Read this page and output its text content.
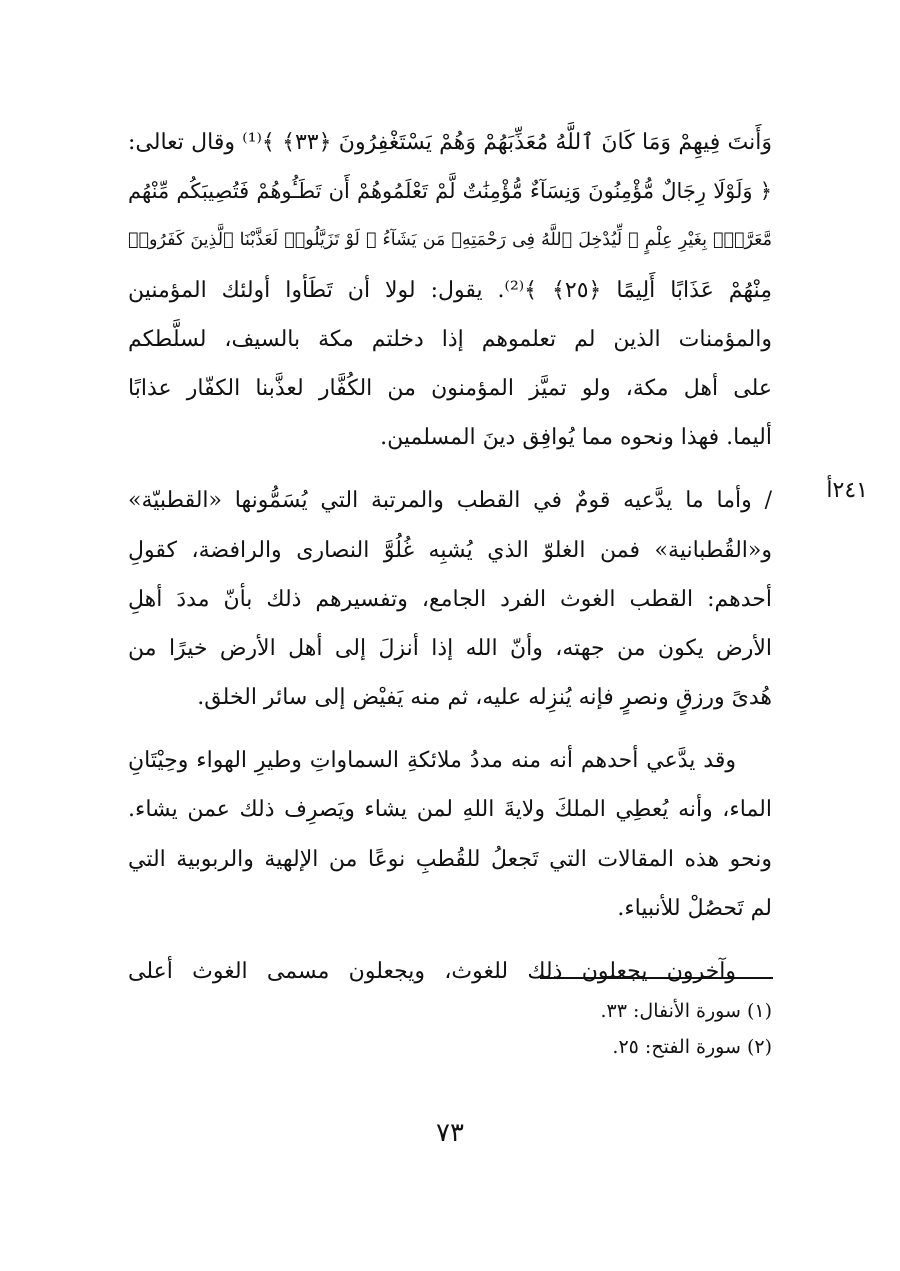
وَأَنتَ فِيهِمْ وَمَا كَانَ ٱللَّهُ مُعَذِّبَهُمْ وَهُمْ يَسْتَغْفِرُونَ ﴿٣٣﴾ ﴾⁽¹⁾ وقال تعالى:
﴿ وَلَوْلَا رِجَالٌ مُّؤْمِنُونَ وَنِسَآءٌ مُّؤْمِنَٰتٌ لَّمْ تَعْلَمُوهُمْ أَن تَطَـُٔوهُمْ فَتُصِيبَكُم مِّنْهُم
مَّعَرَّةٌۢ بِغَيْرِ عِلْمٍ ۖ لِّيُدْخِلَ ٱللَّهُ فِى رَحْمَتِهِۦ مَن يَشَآءُ ۚ لَوْ تَزَيَّلُوا۟ لَعَذَّبْنَا ٱلَّذِينَ كَفَرُوا۟
مِنْهُمْ عَذَابًا أَلِيمًا ﴿٢٥﴾ ﴾⁽²⁾. يقول: لولا أن تَطَأوا أولئك المؤمنين
والمؤمنات الذين لم تعلموهم إذا دخلتم مكة بالسيف، لسلَّطكم
على أهل مكة، ولو تميَّز المؤمنون من الكُفَّار لعذَّبنا الكفّار عذابًا
أليما. فهذا ونحوه مما يُوافِق دينَ المسلمين.
/ وأما ما يدَّعيه قومٌ في القطب والمرتبة التي يُسَمُّونها «القطبيّة»
و«القُطبانية» فمن الغلوّ الذي يُشبِه غُلُوَّ النصارى والرافضة، كقولِ
أحدهم: القطب الغوث الفرد الجامع، وتفسيرهم ذلك بأنّ مددَ أهلِ
الأرض يكون من جهته، وأنّ الله إذا أنزلَ إلى أهل الأرض خيرًا من
هُدىً ورزقٍ ونصرٍ فإنه يُنزِله عليه، ثم منه يَفيْض إلى سائر الخلق.
وقد يدَّعي أحدهم أنه منه مددُ ملائكةِ السماواتِ وطيرِ الهواء وحِيْتَانِ
الماء، وأنه يُعطِي الملكَ ولايةَ اللهِ لمن يشاء ويَصرِف ذلك عمن يشاء.
ونحو هذه المقالات التي تَجعلُ للقُطبِ نوعًا من الإلهية والربوبية التي
لم تَحصُلْ للأنبياء.
وآخرون يجعلون ذلك للغوث، ويجعلون مسمى الغوث أعلى
٢٤١أ
(١) سورة الأنفال: ٣٣.
(٢) سورة الفتح: ٢٥.
٧٣
